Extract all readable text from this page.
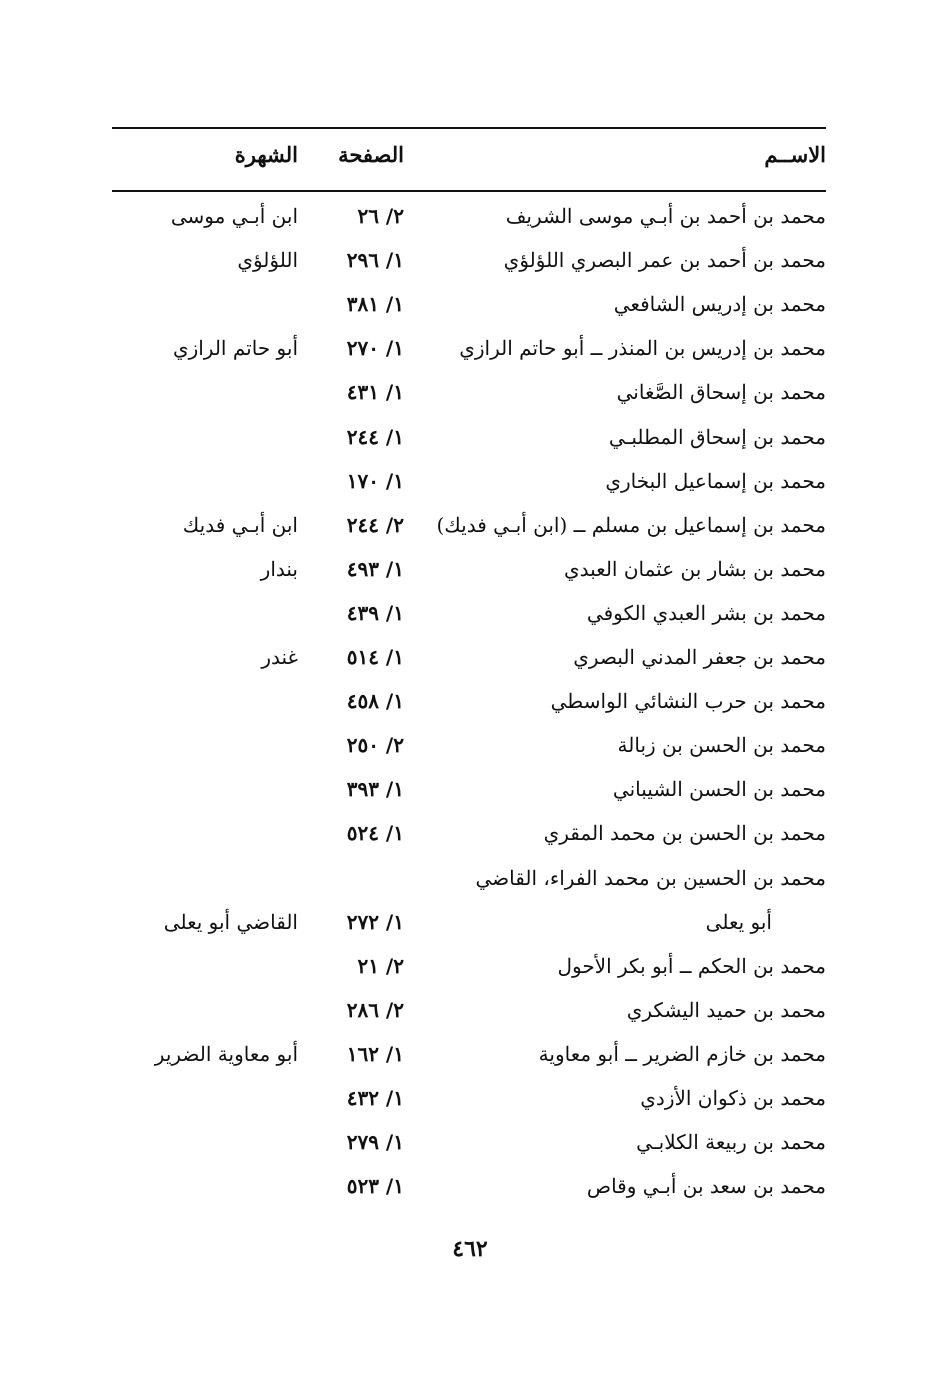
الاســم
الصفحة
الشهرة
محمد بن أحمد بن أبـي موسى الشريف
٢/ ٢٦
ابن أبـي موسى
محمد بن أحمد بن عمر البصري اللؤلؤي
١/ ٢٩٦
اللؤلؤي
محمد بن إدريس الشافعي
١/ ٣٨١
محمد بن إدريس بن المنذر ــ أبو حاتم الرازي
١/ ٢٧٠
أبو حاتم الرازي
محمد بن إسحاق الصَّغاني
١/ ٤٣١
محمد بن إسحاق المطلبـي
١/ ٢٤٤
محمد بن إسماعيل البخاري
١/ ١٧٠
محمد بن إسماعيل بن مسلم ــ (ابن أبـي فديك)
٢/ ٢٤٤
ابن أبـي فديك
محمد بن بشار بن عثمان العبدي
١/ ٤٩٣
بندار
محمد بن بشر العبدي الكوفي
١/ ٤٣٩
محمد بن جعفر المدني البصري
١/ ٥١٤
غندر
محمد بن حرب النشائي الواسطي
١/ ٤٥٨
محمد بن الحسن بن زبالة
٢/ ٢٥٠
محمد بن الحسن الشيباني
١/ ٣٩٣
محمد بن الحسن بن محمد المقري
١/ ٥٢٤
محمد بن الحسين بن محمد الفراء، القاضي
أبو يعلى
١/ ٢٧٢
القاضي أبو يعلى
محمد بن الحكم ــ أبو بكر الأحول
٢/ ٢١
محمد بن حميد اليشكري
٢/ ٢٨٦
محمد بن خازم الضرير ــ أبو معاوية
١/ ١٦٢
أبو معاوية الضرير
محمد بن ذكوان الأزدي
١/ ٤٣٢
محمد بن ربيعة الكلابـي
١/ ٢٧٩
محمد بن سعد بن أبـي وقاص
١/ ٥٢٣
٤٦٢
